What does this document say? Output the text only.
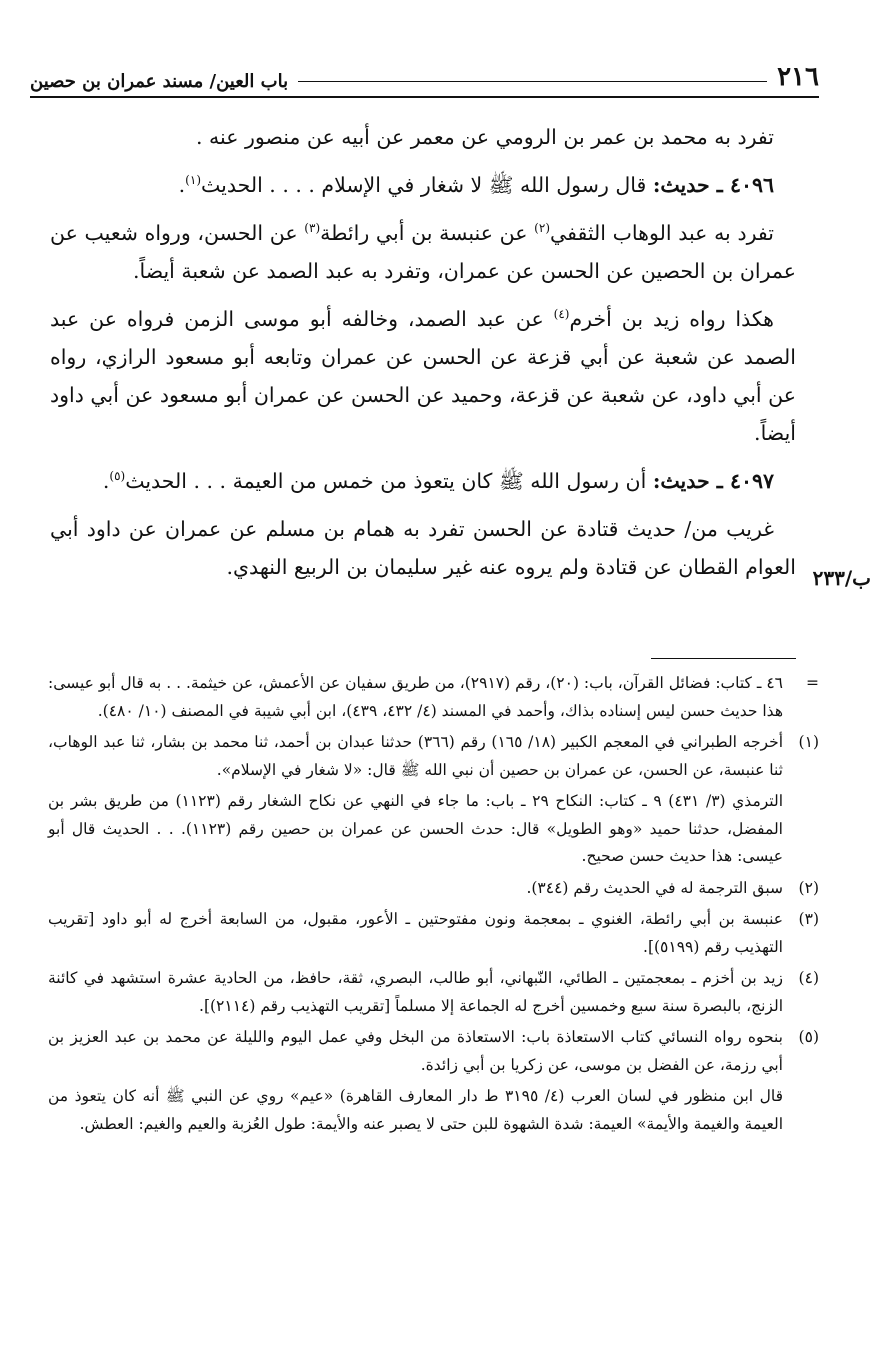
٢١٦
باب العين/ مسند عمران بن حصين

تفرد به محمد بن عمر بن الرومي عن معمر عن أبيه عن منصور عنه .

٤٠٩٦ ـ حديث: قال رسول الله ﷺ لا شغار في الإسلام . . . . الحديث$^{(١)}$.

تفرد به عبد الوهاب الثقفي$^{(٢)}$ عن عنبسة بن أبي رائطة$^{(٣)}$ عن الحسن، ورواه شعيب عن عمران بن الحصين عن الحسن عن عمران، وتفرد به عبد الصمد عن شعبة أيضاً.

هكذا رواه زيد بن أخرم$^{(٤)}$ عن عبد الصمد، وخالفه أبو موسى الزمن فرواه عن عبد الصمد عن شعبة عن أبي قزعة عن الحسن عن عمران وتابعه أبو مسعود الرازي، رواه عن أبي داود، عن شعبة عن قزعة، وحميد عن الحسن عن عمران أبو مسعود عن أبي داود أيضاً.

٤٠٩٧ ـ حديث: أن رسول الله ﷺ كان يتعوذ من خمس من العيمة . . . الحديث$^{(٥)}$.

غريب من/ حديث قتادة عن الحسن تفرد به همام بن مسلم عن عمران عن داود أبي العوام القطان عن قتادة ولم يروه عنه غير سليمان بن الربيع النهدي. ب/٢٣٣
=
٤٦ ـ كتاب: فضائل القرآن، باب: (٢٠)، رقم (٢٩١٧)، من طريق سفيان عن الأعمش، عن خيثمة. . . به قال أبو عيسى: هذا حديث حسن ليس إسناده بذاك، وأحمد في المسند (٤/ ٤٣٢، ٤٣٩)، ابن أبي شيبة في المصنف (١٠/ ٤٨٠).
(١)
أخرجه الطبراني في المعجم الكبير (١٨/ ١٦٥) رقم (٣٦٦) حدثنا عبدان بن أحمد، ثنا محمد بن بشار، ثنا عبد الوهاب، ثنا عنبسة، عن الحسن، عن عمران بن حصين أن نبي الله ﷺ قال: «لا شغار في الإسلام».
الترمذي (٣/ ٤٣١) ٩ ـ كتاب: النكاح ٢٩ ـ باب: ما جاء في النهي عن نكاح الشغار رقم (١١٢٣) من طريق بشر بن المفضل، حدثنا حميد «وهو الطويل» قال: حدث الحسن عن عمران بن حصين رقم (١١٢٣). . . الحديث قال أبو عيسى: هذا حديث حسن صحيح.
(٢)
سبق الترجمة له في الحديث رقم (٣٤٤).
(٣)
عنبسة بن أبي رائطة، الغنوي ـ بمعجمة ونون مفتوحتين ـ الأعور، مقبول، من السابعة أخرج له أبو داود [تقريب التهذيب رقم (٥١٩٩)].
(٤)
زيد بن أخزم ـ بمعجمتين ـ الطائي، النّبهاني، أبو طالب، البصري، ثقة، حافظ، من الحادية عشرة استشهد في كائنة الزنج، بالبصرة سنة سبع وخمسين أخرج له الجماعة إلا مسلماً [تقريب التهذيب رقم (٢١١٤)].
(٥)
بنحوه رواه النسائي كتاب الاستعاذة باب: الاستعاذة من البخل وفي عمل اليوم والليلة عن محمد بن عبد العزيز بن أبي رزمة، عن الفضل بن موسى، عن زكريا بن أبي زائدة.
قال ابن منظور في لسان العرب (٤/ ٣١٩٥ ط دار المعارف القاهرة) «عيم» روي عن النبي ﷺ أنه كان يتعوذ من العيمة والغيمة والأيمة» العيمة: شدة الشهوة للبن حتى لا يصبر عنه والأيمة: طول العُزبة والعيم والغيم: العطش.
